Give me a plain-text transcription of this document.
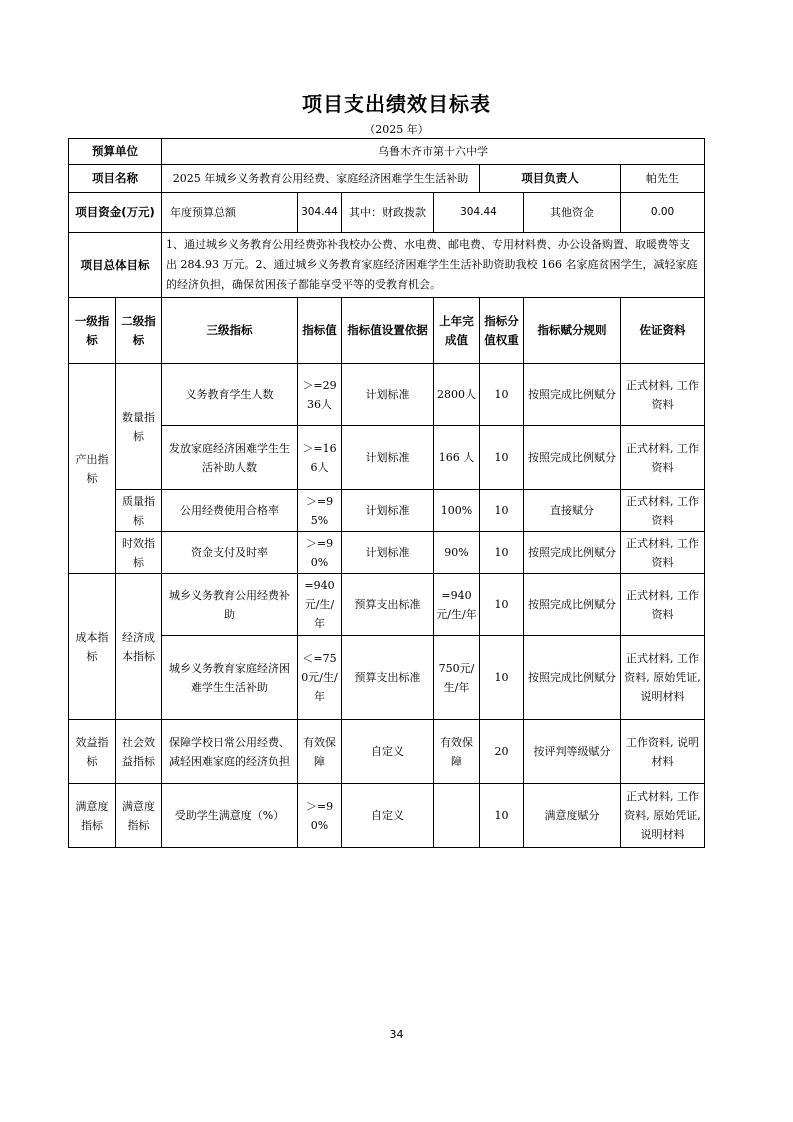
项目支出绩效目标表
（2025 年）
预算单位		乌鲁木齐市第十六中学						
项目名称		2025 年城乡义务教育公用经费、家庭经济困难学生生活补助				项目负责人		帕先生
项目资金(万元)		年度预算总额	304.44	其中：财政拨款	304.44		其他资金	0.00
项目总体目标		1、通过城乡义务教育公用经费弥补我校办公费、水电费、邮电费、专用材料费、办公设备购置、取暖费等支出 284.93 万元。2、通过城乡义务教育家庭经济困难学生生活补助资助我校 166 名家庭贫困学生，减轻家庭的经济负担，确保贫困孩子都能享受平等的受教育机会。						
一级指标	二级指标	三级指标	指标值	指标值设置依据	上年完成值	指标分值权重	指标赋分规则	佐证资料
产出指标	数量指标	义务教育学生人数	＞=2936人	计划标准	2800人	10	按照完成比例赋分	正式材料, 工作资料
		发放家庭经济困难学生生活补助人数	＞=166人	计划标准	166 人	10	按照完成比例赋分	正式材料, 工作资料
	质量指标	公用经费使用合格率	＞=95%	计划标准	100%	10	直接赋分	正式材料, 工作资料
	时效指标	资金支付及时率	＞=90%	计划标准	90%	10	按照完成比例赋分	正式材料, 工作资料
成本指标	经济成本指标	城乡义务教育公用经费补助	=940元/生/年	预算支出标准	=940元/生/年	10	按照完成比例赋分	正式材料, 工作资料
		城乡义务教育家庭经济困难学生生活补助	＜=750元/生/年	预算支出标准	750元/生/年	10	按照完成比例赋分	正式材料, 工作资料, 原始凭证, 说明材料
效益指标	社会效益指标	保障学校日常公用经费、减轻困难家庭的经济负担	有效保障	自定义	有效保障	20	按评判等级赋分	工作资料, 说明材料
满意度指标	满意度指标	受助学生满意度（%）	＞=90%	自定义		10	满意度赋分	正式材料, 工作资料, 原始凭证, 说明材料
34
